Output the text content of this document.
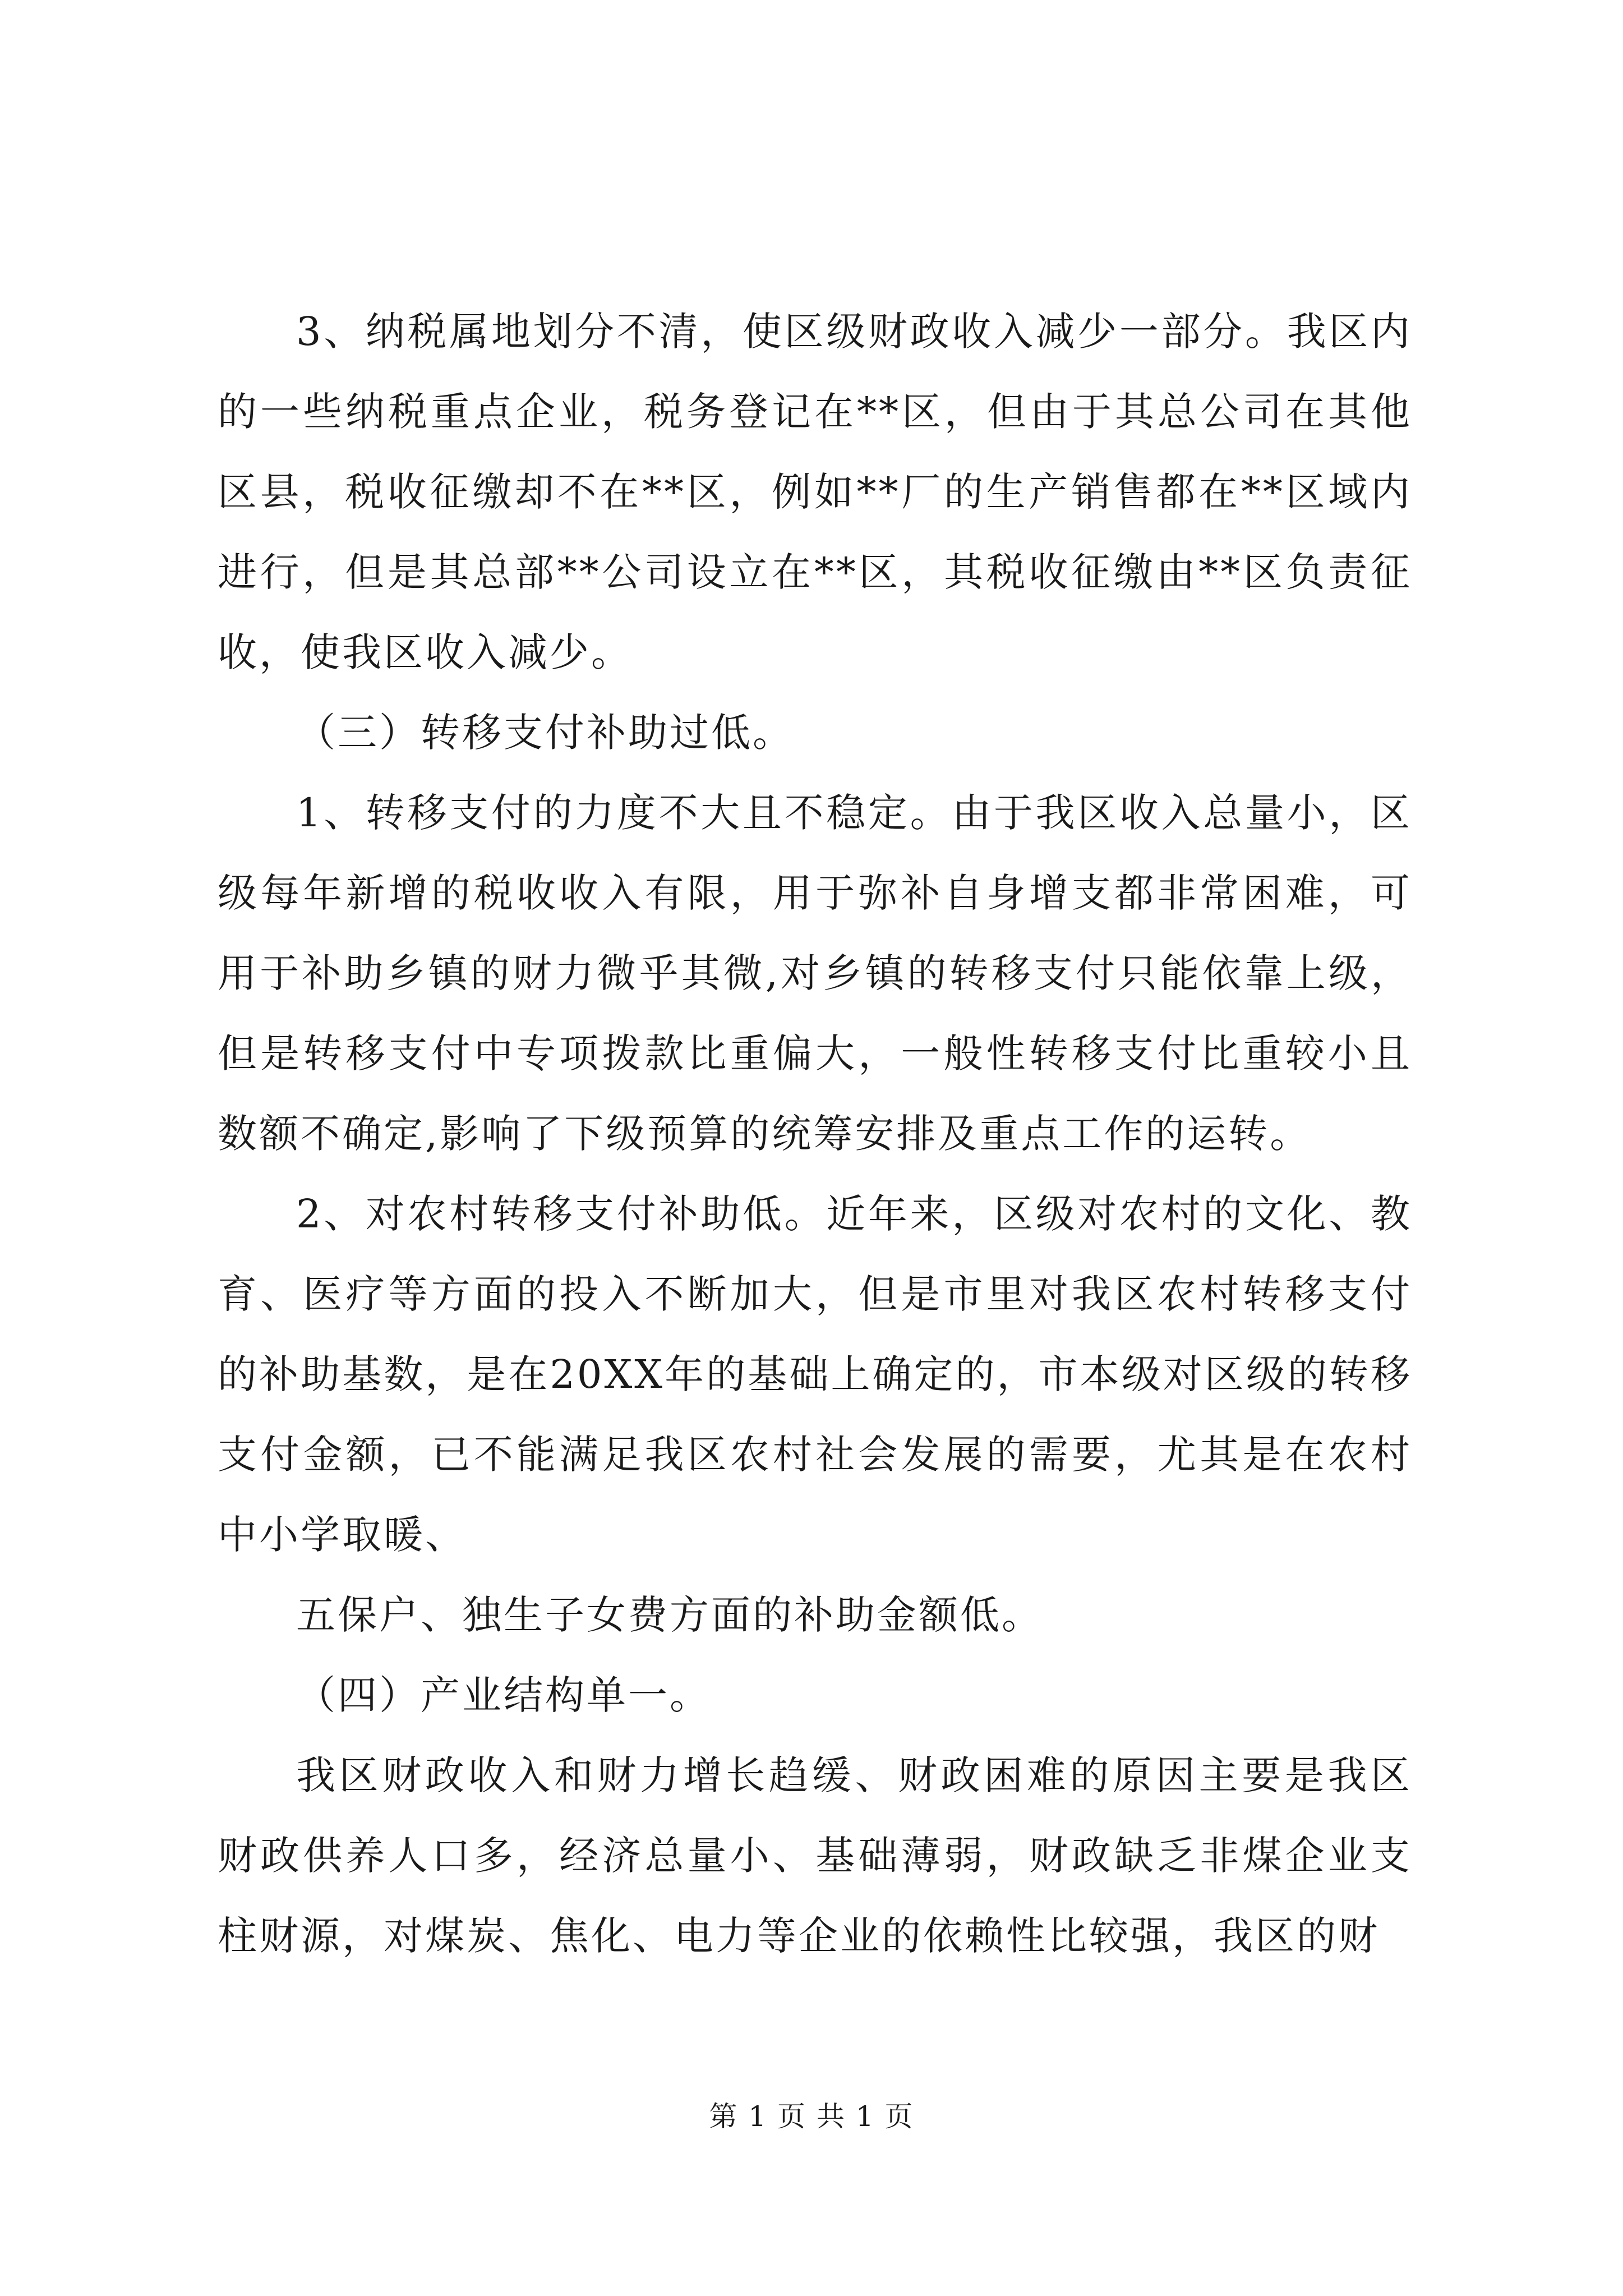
3、纳税属地划分不清，使区级财政收入减少一部分。我区内的一些纳税重点企业，税务登记在**区，但由于其总公司在其他区县，税收征缴却不在**区，例如**厂的生产销售都在**区域内进行，但是其总部**公司设立在**区，其税收征缴由**区负责征收，使我区收入减少。

（三）转移支付补助过低。

1、转移支付的力度不大且不稳定。由于我区收入总量小，区级每年新增的税收收入有限，用于弥补自身增支都非常困难，可用于补助乡镇的财力微乎其微,对乡镇的转移支付只能依靠上级，但是转移支付中专项拨款比重偏大，一般性转移支付比重较小且数额不确定,影响了下级预算的统筹安排及重点工作的运转。

2、对农村转移支付补助低。近年来，区级对农村的文化、教育、医疗等方面的投入不断加大，但是市里对我区农村转移支付的补助基数，是在20XX年的基础上确定的，市本级对区级的转移支付金额，已不能满足我区农村社会发展的需要，尤其是在农村中小学取暖、

五保户、独生子女费方面的补助金额低。

（四）产业结构单一。

我区财政收入和财力增长趋缓、财政困难的原因主要是我区财政供养人口多，经济总量小、基础薄弱，财政缺乏非煤企业支柱财源，对煤炭、焦化、电力等企业的依赖性比较强，我区的财

第 1 页 共 1 页
